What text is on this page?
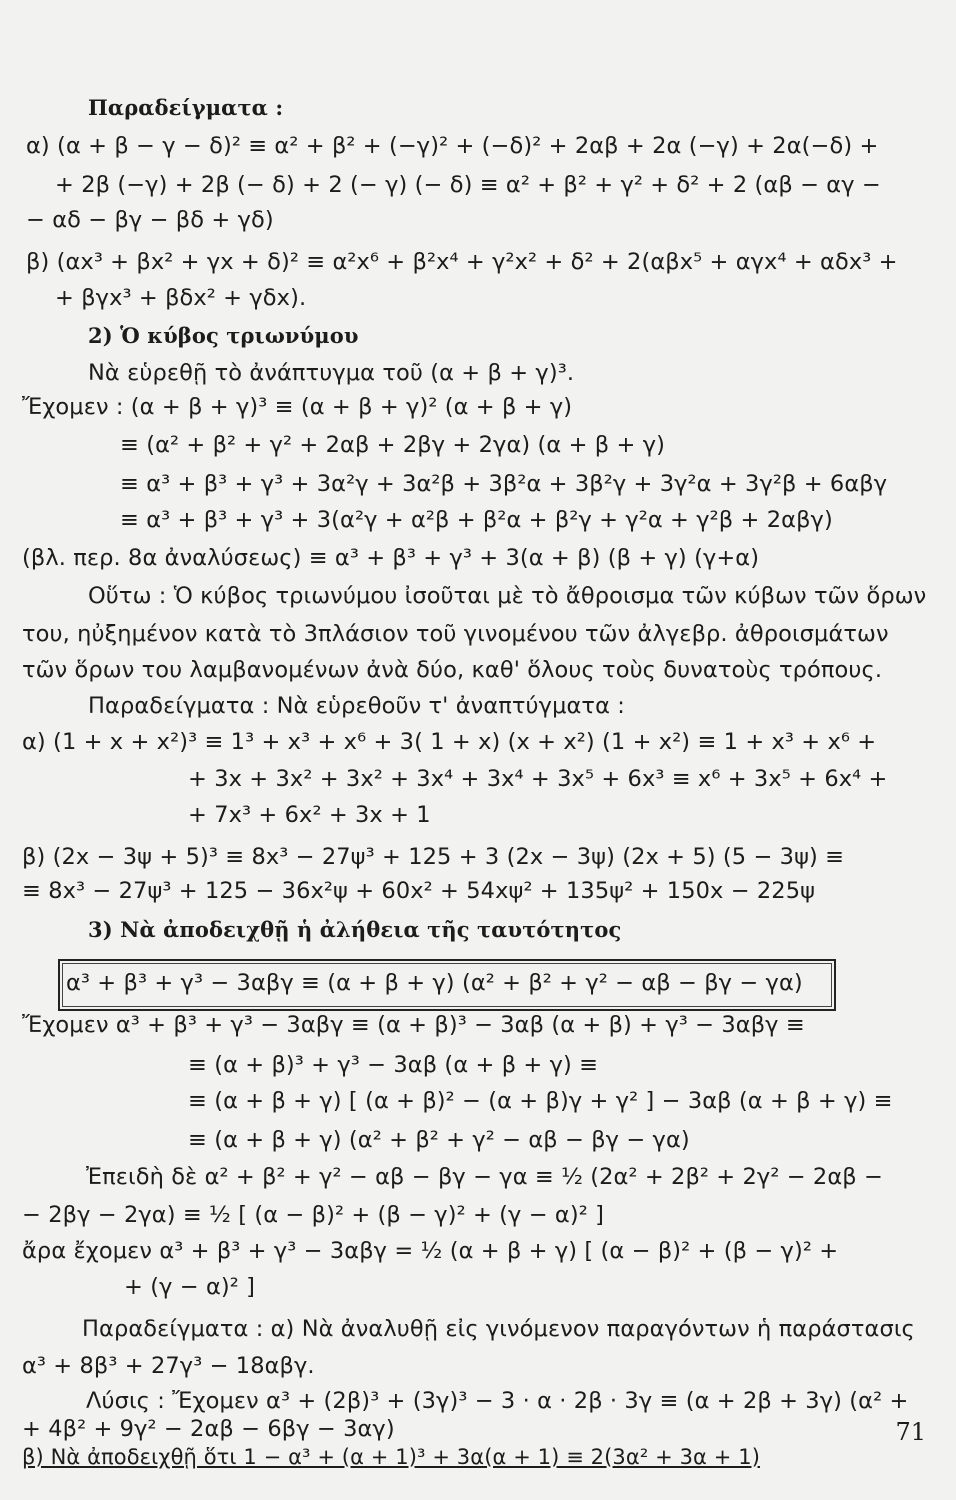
Παραδείγματα :
α) (α + β − γ − δ)² ≡ α² + β² + (−γ)² + (−δ)² + 2αβ + 2α (−γ) + 2α(−δ) +
+ 2β (−γ) + 2β (− δ) + 2 (− γ) (− δ) ≡ α² + β² + γ² + δ² + 2 (αβ − αγ −
− αδ − βγ − βδ + γδ)
β) (αx³ + βx² + γx + δ)² ≡ α²x⁶ + β²x⁴ + γ²x² + δ² + 2(αβx⁵ + αγx⁴ + αδx³ +
+ βγx³ + βδx² + γδx).
2) Ὁ κύβος τριωνύμου
Νὰ εὑρεθῇ τὸ ἀνάπτυγμα τοῦ (α + β + γ)³.
Ἔχομεν : (α + β + γ)³ ≡ (α + β + γ)² (α + β + γ)
≡ (α² + β² + γ² + 2αβ + 2βγ + 2γα) (α + β + γ)
≡ α³ + β³ + γ³ + 3α²γ + 3α²β + 3β²α + 3β²γ + 3γ²α + 3γ²β + 6αβγ
≡ α³ + β³ + γ³ + 3(α²γ + α²β + β²α + β²γ + γ²α + γ²β + 2αβγ)
(βλ. περ. 8α ἀναλύσεως) ≡ α³ + β³ + γ³ + 3(α + β) (β + γ) (γ+α)
Οὕτω : Ὁ κύβος τριωνύμου ἰσοῦται μὲ τὸ ἄθροισμα τῶν κύβων τῶν ὅρων
του, ηὐξημένον κατὰ τὸ 3πλάσιον τοῦ γινομένου τῶν ἀλγεβρ. ἀθροισμάτων
τῶν ὅρων του λαμβανομένων ἀνὰ δύο, καθ' ὅλους τοὺς δυνατοὺς τρόπους.
Παραδείγματα : Νὰ εὑρεθοῦν τ' ἀναπτύγματα :
α) (1 + x + x²)³ ≡ 1³ + x³ + x⁶ + 3( 1 + x) (x + x²) (1 + x²) ≡ 1 + x³ + x⁶ +
+ 3x + 3x² + 3x² + 3x⁴ + 3x⁴ + 3x⁵ + 6x³ ≡ x⁶ + 3x⁵ + 6x⁴ +
+ 7x³ + 6x² + 3x + 1
β) (2x − 3ψ + 5)³ ≡ 8x³ − 27ψ³ + 125 + 3 (2x − 3ψ) (2x + 5) (5 − 3ψ) ≡
≡ 8x³ − 27ψ³ + 125 − 36x²ψ + 60x² + 54xψ² + 135ψ² + 150x − 225ψ
3) Νὰ ἀποδειχθῇ ἡ ἀλήθεια τῆς ταυτότητος
α³ + β³ + γ³ − 3αβγ ≡ (α + β + γ) (α² + β² + γ² − αβ − βγ − γα)
Ἔχομεν α³ + β³ + γ³ − 3αβγ ≡ (α + β)³ − 3αβ (α + β) + γ³ − 3αβγ ≡
≡ (α + β)³ + γ³ − 3αβ (α + β + γ) ≡
≡ (α + β + γ) [ (α + β)² − (α + β)γ + γ² ] − 3αβ (α + β + γ) ≡
≡ (α + β + γ) (α² + β² + γ² − αβ − βγ − γα)
Ἐπειδὴ δὲ α² + β² + γ² − αβ − βγ − γα ≡ ½ (2α² + 2β² + 2γ² − 2αβ −
− 2βγ − 2γα) ≡ ½ [ (α − β)² + (β − γ)² + (γ − α)² ]
ἄρα ἔχομεν α³ + β³ + γ³ − 3αβγ = ½ (α + β + γ) [ (α − β)² + (β − γ)² +
+ (γ − α)² ]
Παραδείγματα : α) Νὰ ἀναλυθῇ εἰς γινόμενον παραγόντων ἡ παράστασις
α³ + 8β³ + 27γ³ − 18αβγ.
Λύσις : Ἔχομεν α³ + (2β)³ + (3γ)³ − 3 · α · 2β · 3γ ≡ (α + 2β + 3γ) (α² +
+ 4β² + 9γ² − 2αβ − 6βγ − 3αγ)
β) Νὰ ἀποδειχθῇ ὅτι 1 − α³ + (α + 1)³ + 3α(α + 1) ≡ 2(3α² + 3α + 1)
71
